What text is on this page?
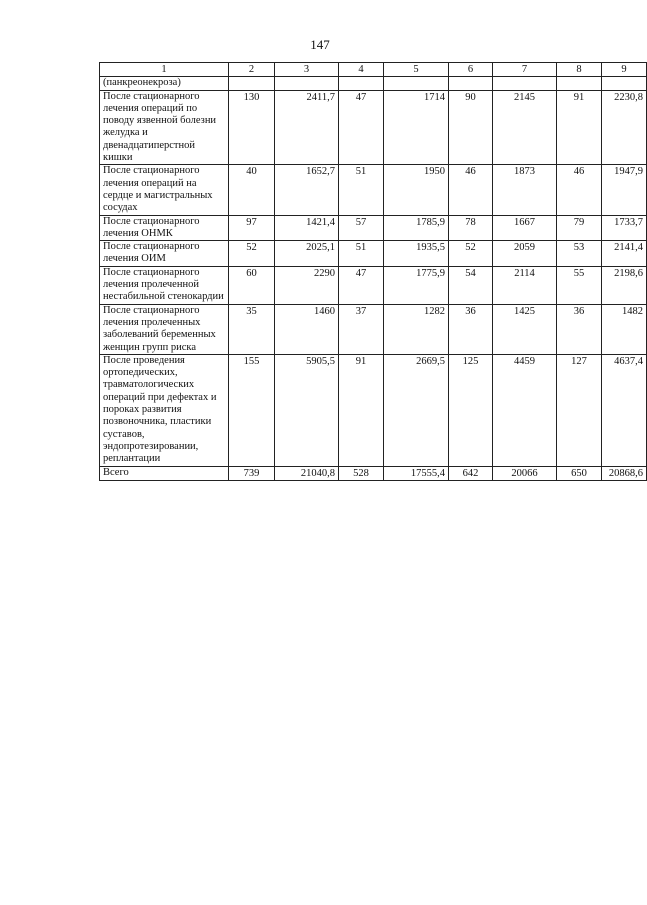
147
1	2	3	4	5	6	7	8	9
(панкреонекроза)								
После стационарного лечения операций по поводу язвенной болезни желудка и двенадцатиперстной кишки	130	2411,7	47	1714	90	2145	91	2230,8
После стационарного лечения операций на сердце и магистральных сосудах	40	1652,7	51	1950	46	1873	46	1947,9
После стационарного лечения ОНМК	97	1421,4	57	1785,9	78	1667	79	1733,7
После стационарного лечения ОИМ	52	2025,1	51	1935,5	52	2059	53	2141,4
После стационарного лечения пролеченной нестабильной стенокардии	60	2290	47	1775,9	54	2114	55	2198,6
После стационарного лечения пролеченных заболеваний беременных женщин групп риска	35	1460	37	1282	36	1425	36	1482
После проведения ортопедических, травматологических операций при дефектах и пороках развития позвоночника, пластики суставов, эндопротезировании, реплантации	155	5905,5	91	2669,5	125	4459	127	4637,4
Всего	739	21040,8	528	17555,4	642	20066	650	20868,6
